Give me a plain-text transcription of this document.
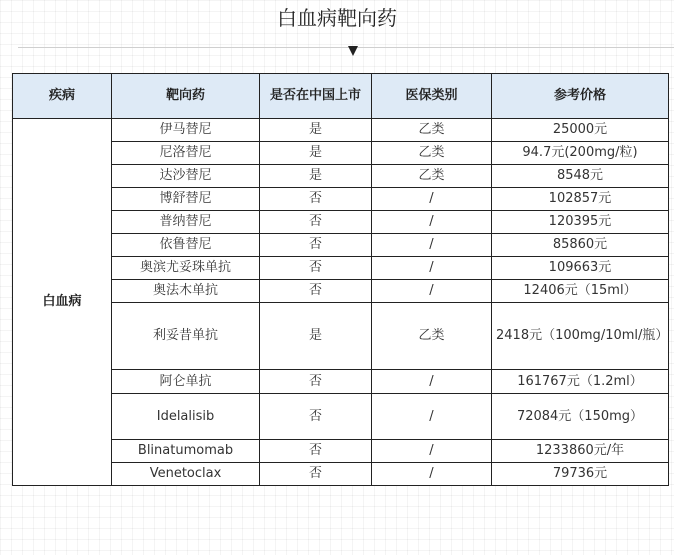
白血病靶向药
疾病	靶向药	是否在中国上市	医保类别	参考价格
白血病	伊马替尼	是	乙类	25000元
	尼洛替尼	是	乙类	94.7元(200mg/粒)
	达沙替尼	是	乙类	8548元
	博舒替尼	否	/	102857元
	普纳替尼	否	/	120395元
	依鲁替尼	否	/	85860元
	奥滨尤妥珠单抗	否	/	109663元
	奥法木单抗	否	/	12406元（15ml）
	利妥昔单抗	是	乙类	2418元（100mg/10ml/瓶）
	阿仑单抗	否	/	161767元（1.2ml）
	Idelalisib	否	/	72084元（150mg）
	Blinatumomab	否	/	1233860元/年
	Venetoclax	否	/	79736元
